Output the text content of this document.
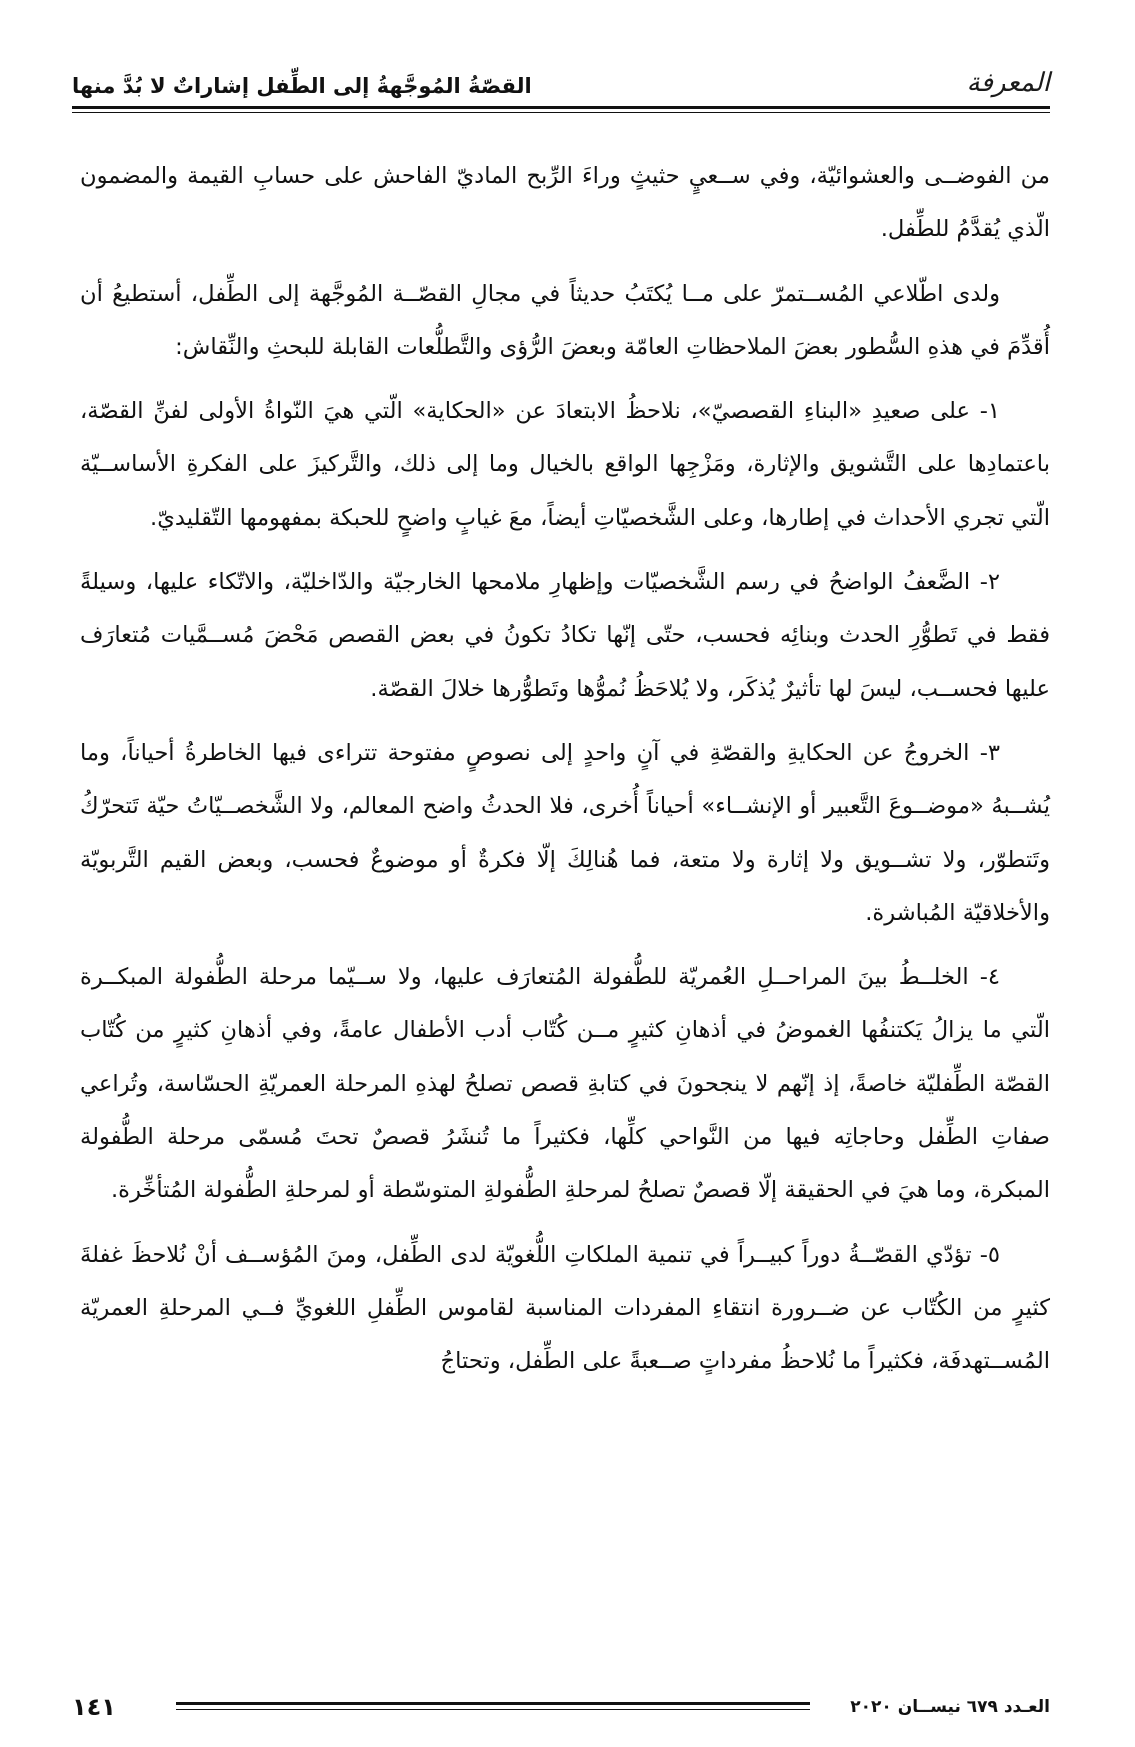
المعرفة
القصّةُ المُوجَّهةُ إلى الطِّفل إشاراتٌ لا بُدَّ منها

من الفوضــى والعشوائيّة، وفي ســعيٍ حثيثٍ وراءَ الرِّبح الماديّ الفاحش على حسابِ القيمة والمضمون الّذي يُقدَّمُ للطِّفل.

ولدى اطّلاعي المُســتمرّ على مــا يُكتَبُ حديثاً في مجالِ القصّــة المُوجَّهة إلى الطِّفل، أستطيعُ أن أُقدِّمَ في هذهِ السُّطور بعضَ الملاحظاتِ العامّة وبعضَ الرُّؤى والتَّطلُّعات القابلة للبحثِ والنِّقاش:

١- على صعيدِ «البناءِ القصصيّ»، نلاحظُ الابتعادَ عن «الحكاية» الّتي هيَ النّواةُ الأولى لفنِّ القصّة، باعتمادِها على التَّشويق والإثارة، ومَزْجِها الواقع بالخيال وما إلى ذلك، والتَّركيزَ على الفكرةِ الأساســيّة الّتي تجري الأحداث في إطارها، وعلى الشَّخصيّاتِ أيضاً، معَ غيابٍ واضحٍ للحبكة بمفهومها التّقليديّ.

٢- الضَّعفُ الواضحُ في رسم الشَّخصيّات وإظهارِ ملامحها الخارجيّة والدّاخليّة، والاتّكاء عليها، وسيلةً فقط في تَطوُّرِ الحدث وبنائِه فحسب، حتّى إنّها تكادُ تكونُ في بعض القصص مَحْضَ مُســمَّيات مُتعارَف عليها فحســب، ليسَ لها تأثيرٌ يُذكَر، ولا يُلاحَظُ نُموُّها وتَطوُّرها خلالَ القصّة.

٣- الخروجُ عن الحكايةِ والقصّةِ في آنٍ واحدٍ إلى نصوصٍ مفتوحة تتراءى فيها الخاطرةُ أحياناً، وما يُشــبهُ «موضــوعَ التَّعبير أو الإنشــاء» أحياناً أُخرى، فلا الحدثُ واضح المعالم، ولا الشَّخصــيّاتُ حيّة تَتحرّكُ وتَتطوّر، ولا تشــويق ولا إثارة ولا متعة، فما هُنالِكَ إلّا فكرةٌ أو موضوعٌ فحسب، وبعض القيم التَّربويّة والأخلاقيّة المُباشرة.

٤- الخلــطُ بينَ المراحــلِ العُمريّة للطُّفولة المُتعارَف عليها، ولا ســيّما مرحلة الطُّفولة المبكــرة الّتي ما يزالُ يَكتنفُها الغموضُ في أذهانِ كثيرٍ مــن كُتّاب أدب الأطفال عامةً، وفي أذهانِ كثيرٍ من كُتّاب القصّة الطِّفليّة خاصةً، إذ إنّهم لا ينجحونَ في كتابةِ قصص تصلحُ لهذهِ المرحلة العمريّةِ الحسّاسة، وتُراعي صفاتِ الطِّفل وحاجاتِه فيها من النَّواحي كلِّها، فكثيراً ما تُنشَرُ قصصٌ تحتَ مُسمّى مرحلة الطُّفولة المبكرة، وما هيَ في الحقيقة إلّا قصصٌ تصلحُ لمرحلةِ الطُّفولةِ المتوسّطة أو لمرحلةِ الطُّفولة المُتأخِّرة.

٥- تؤدّي القصّــةُ دوراً كبيــراً في تنمية الملكاتِ اللُّغويّة لدى الطِّفل، ومنَ المُؤســف أنْ نُلاحظَ غفلةَ كثيرٍ من الكُتّاب عن ضــرورة انتقاءِ المفردات المناسبة لقاموس الطِّفلِ اللغويِّ فــي المرحلةِ العمريّة المُســتهدفَة، فكثيراً ما نُلاحظُ مفرداتٍ صــعبةً على الطِّفل، وتحتاجُ

العـدد ٦٧٩ نيســان ٢٠٢٠
١٤١
